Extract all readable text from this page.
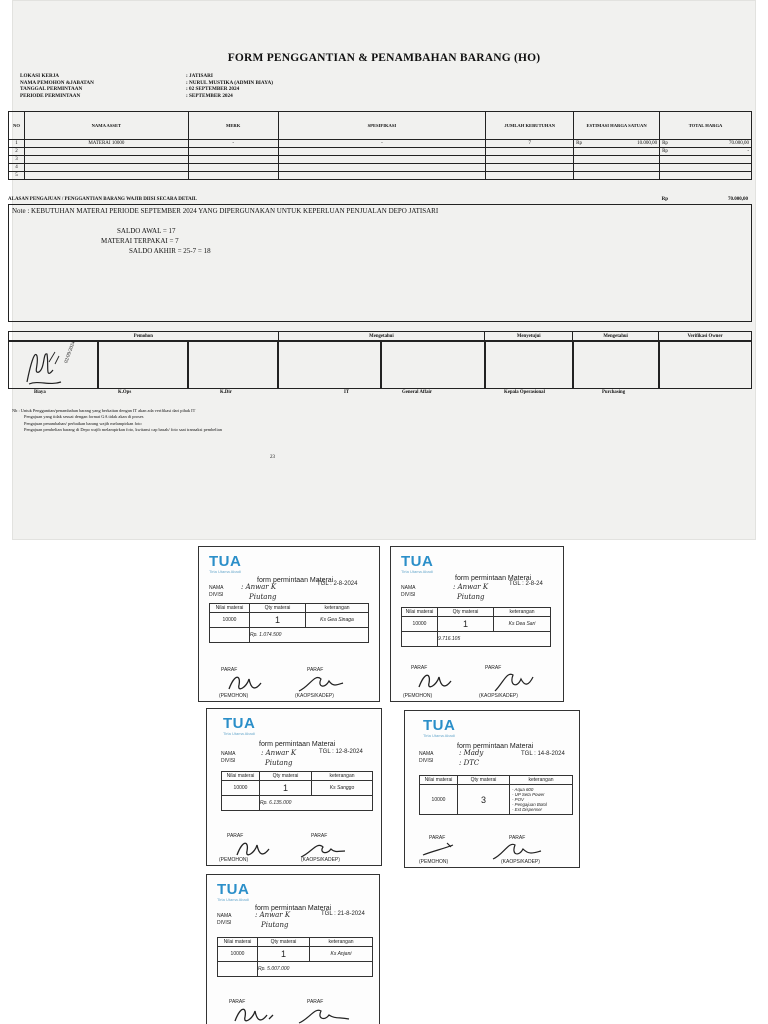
FORM PENGGANTIAN & PENAMBAHAN BARANG (HO)
LOKASI KERJA	: JATISARI
NAMA PEMOHON &JABATAN	: NURUL MUSTIKA (ADMIN BIAYA)
TANGGAL PERMINTAAN	: 02 SEPTEMBER 2024
PERIODE PERMINTAAN	: SEPTEMBER 2024
NO	NAMA ASSET	MERK	SPESIFIKASI	JUMLAH KEBUTUHAN	ESTIMASI HARGA SATUAN	TOTAL HARGA
1	MATERAI 10000	-	-	7	Rp 10.000,00	Rp 70.000,00

2						Rp -

3					

4					

5					

ALASAN PENGAJUAN / PENGGANTIAN BARANG WAJIB DIISI SECARA DETAIL	Rp	70.000,00
Note : KEBUTUHAN MATERAI PERIODE SEPTEMBER 2024 YANG DIPERGUNAKAN UNTUK KEPERLUAN PENJUALAN DEPO JATISARI
SALDO AWAL = 17
MATERAI TERPAKAI = 7
SALDO AKHIR = 25-7 = 18
Pemohon	Mengetahui	Menyetujui	Mengetahui	Verifikasi Owner
02/09/2024
Biaya	K.Ops	K.Dir	IT	General Affair	Kepala Operasional	Purchasing
Nb : Untuk Penggantian/penambahan barang yang berkaitan dengan IT akan ada verifikasi dari pihak IT
Pengajuan yang tidak sesuai dengan format GA tidak akan di proses
Pengajuan penambahan/ perbaikan barang wajib melampirkan foto
Pengajuan pembelian barang di Depo wajib melampirkan foto, kwitansi cap basah/ foto saat transaksi pembelian
23
TUA
Tirta Utama Abadi
form permintaan Materai
NAMA
DIVISI
: Anwar K
Piutang
TGL : 2-8-2024
Nilai materai	Qty materai	keterangan
10000	1	Ks Gea Sinaga
	Rp. 1.074.500	
PARAF	PARAF
(PEMOHON)	(KAOPS/KADEP)
TUA
Tirta Utama Abadi
form permintaan Materai
NAMA
DIVISI
: Anwar K
Piutang
TGL : 2-8-24
Nilai materai	Qty materai	keterangan
10000	1	Ks Dea Sari
	9.716.105	
PARAF	PARAF
(PEMOHON)	(KAOPS/KADEP)
TUA
Tirta Utama Abadi
form permintaan Materai
NAMA
DIVISI
: Anwar K
Piutang
TGL : 12-8-2024
Nilai materai	Qty materai	keterangan
10000	1	Ks Sanggo
	Rp. 6.135.000	
PARAF	PARAF
(PEMOHON)	(KAOPS/KADEP)
TUA
Tirta Utama Abadi
form permintaan Materai
NAMA
DIVISI
: Mady
: DTC
TGL : 14-8-2024
Nilai materai	Qty materai	keterangan
10000	3	- Aqua 600
- UP Seta Power
- POV
- Pengajuan Botol
- Ext Dispenser
PARAF	PARAF
(PEMOHON)	(KAOPS/KADEP)
TUA
Tirta Utama Abadi
form permintaan Materai
NAMA
DIVISI
: Anwar K
Piutang
TGL : 21-8-2024
Nilai materai	Qty materai	keterangan
10000	1	Ks Anjani
	Rp. 5.007.000	
PARAF	PARAF
